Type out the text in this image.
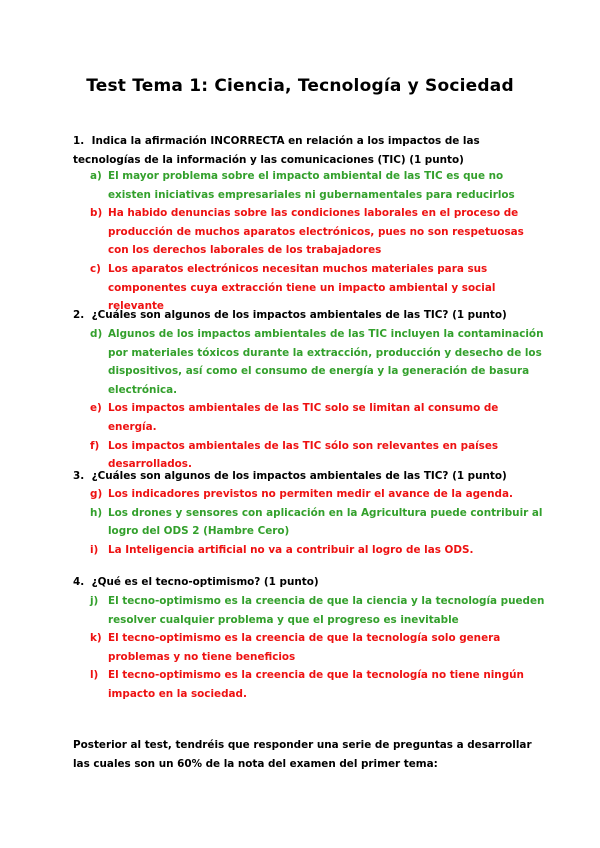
Test Tema 1: Ciencia, Tecnología y Sociedad
1. Indica la afirmación INCORRECTA en relación a los impactos de las tecnologías de la información y las comunicaciones (TIC) (1 punto)
a) El mayor problema sobre el impacto ambiental de las TIC es que no existen iniciativas empresariales ni gubernamentales para reducirlos
b) Ha habido denuncias sobre las condiciones laborales en el proceso de producción de muchos aparatos electrónicos, pues no son respetuosas con los derechos laborales de los trabajadores
c) Los aparatos electrónicos necesitan muchos materiales para sus componentes cuya extracción tiene un impacto ambiental y social relevante
2. ¿Cuáles son algunos de los impactos ambientales de las TIC? (1 punto)
d) Algunos de los impactos ambientales de las TIC incluyen la contaminación por materiales tóxicos durante la extracción, producción y desecho de los dispositivos, así como el consumo de energía y la generación de basura electrónica.
e) Los impactos ambientales de las TIC solo se limitan al consumo de energía.
f) Los impactos ambientales de las TIC sólo son relevantes en países desarrollados.
3. ¿Cuáles son algunos de los impactos ambientales de las TIC? (1 punto)
g) Los indicadores previstos no permiten medir el avance de la agenda.
h) Los drones y sensores con aplicación en la Agricultura puede contribuir al logro del ODS 2 (Hambre Cero)
i) La Inteligencia artificial no va a contribuir al logro de las ODS.
4. ¿Qué es el tecno-optimismo? (1 punto)
j) El tecno-optimismo es la creencia de que la ciencia y la tecnología pueden resolver cualquier problema y que el progreso es inevitable
k) El tecno-optimismo es la creencia de que la tecnología solo genera problemas y no tiene beneficios
l) El tecno-optimismo es la creencia de que la tecnología no tiene ningún impacto en la sociedad.
Posterior al test, tendréis que responder una serie de preguntas a desarrollar las cuales son un 60% de la nota del examen del primer tema:
